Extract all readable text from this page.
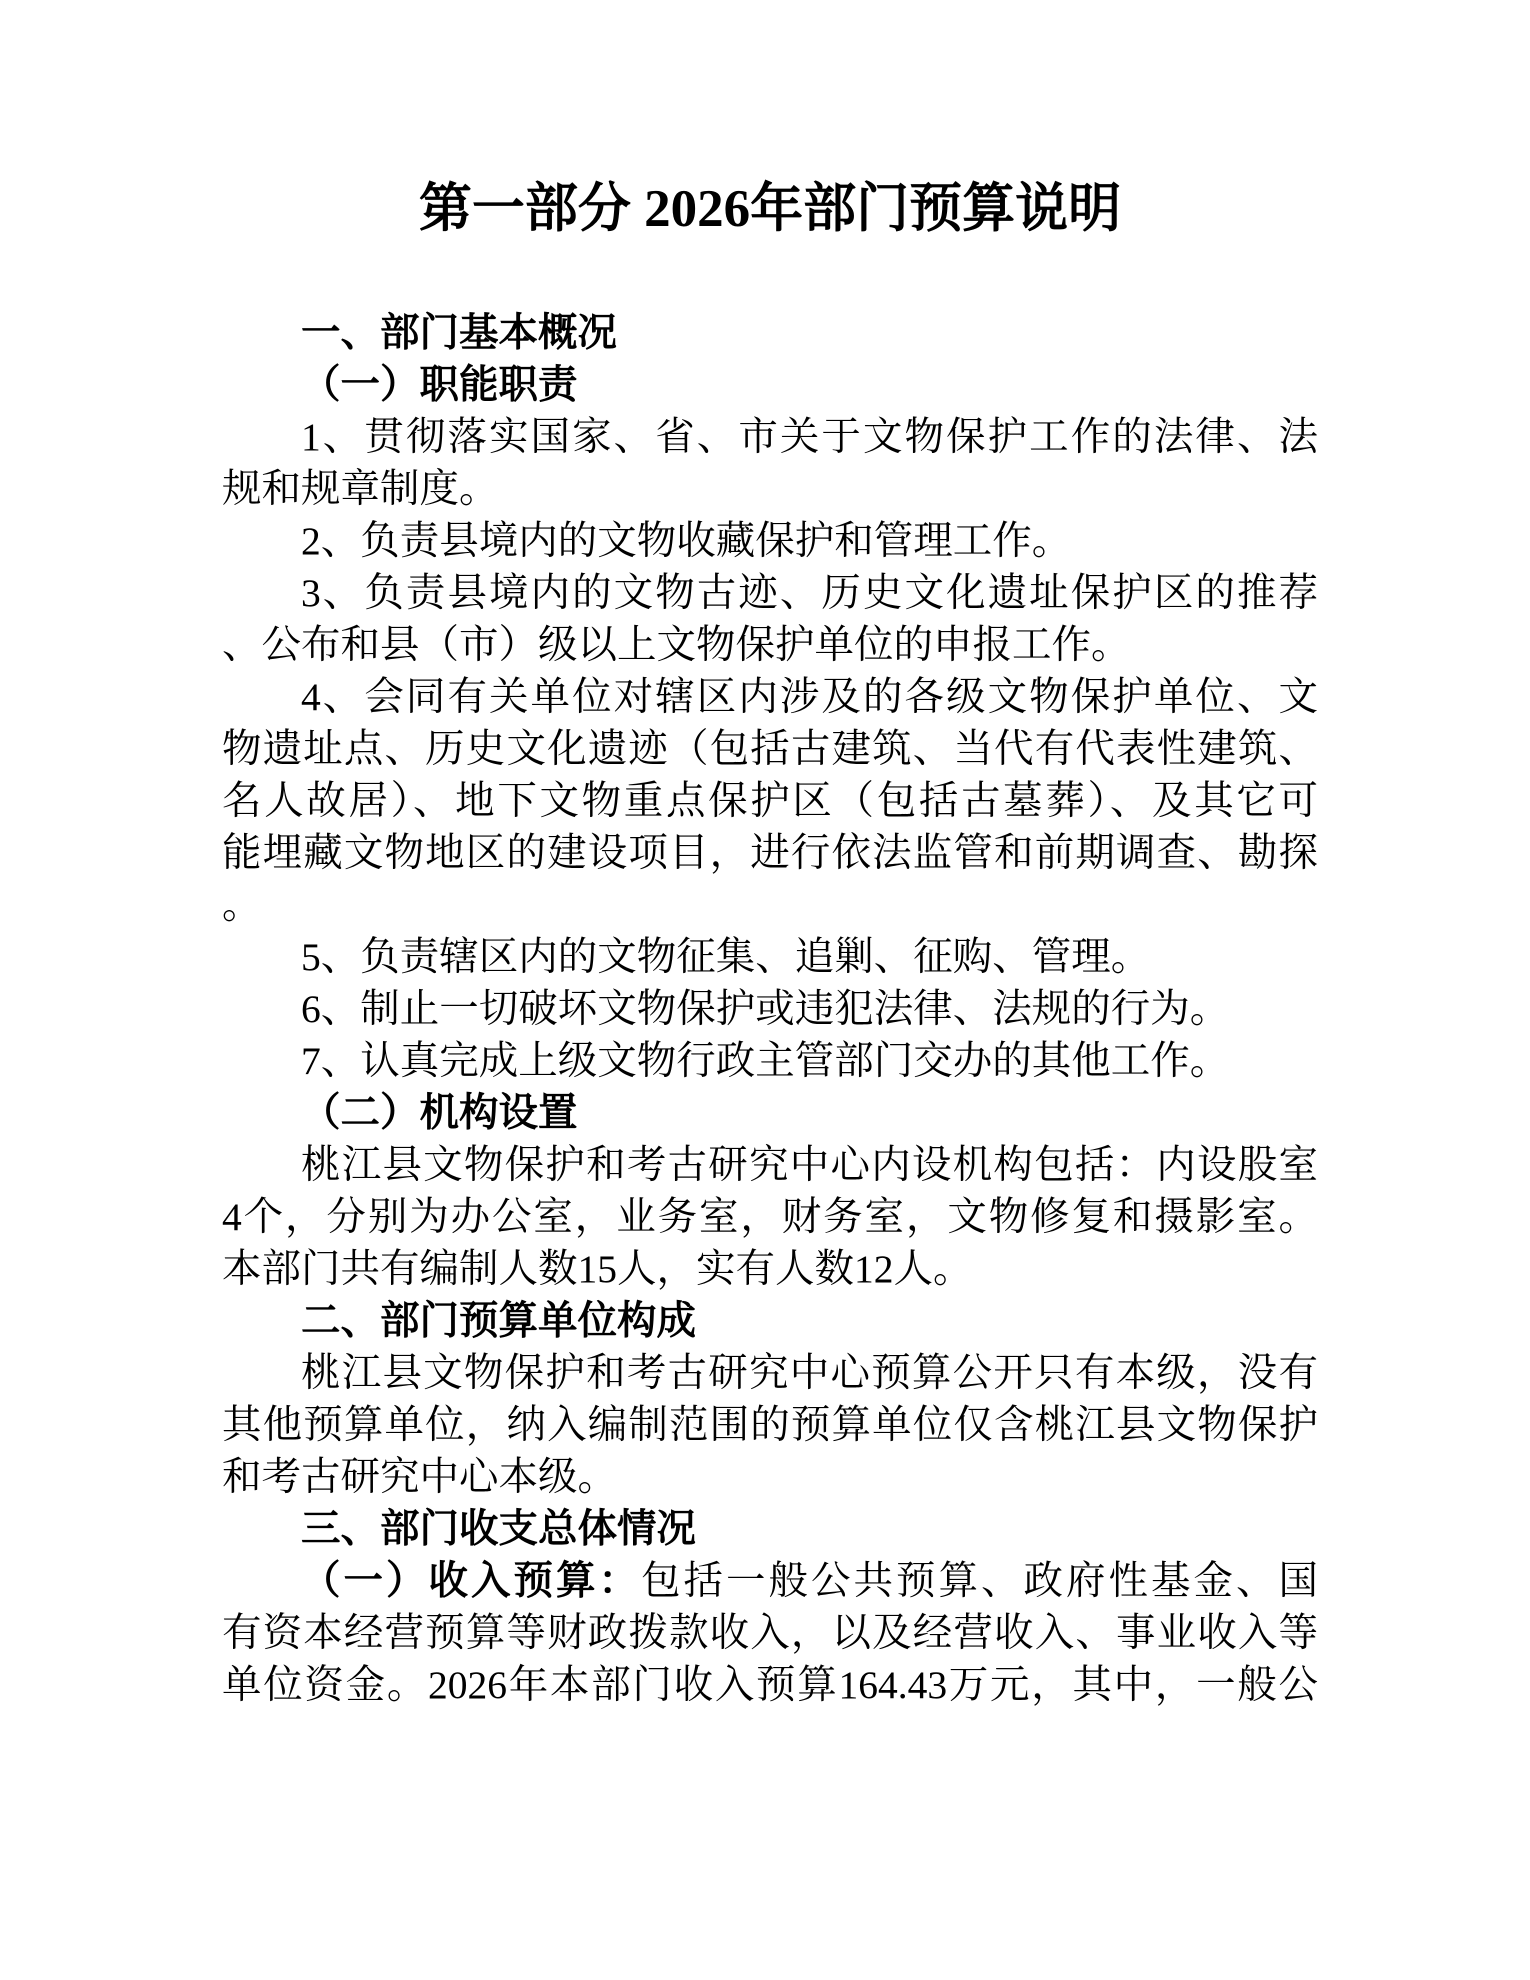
第一部分 2026年部门预算说明
一、部门基本概况
（一）职能职责
1、贯彻落实国家、省、市关于文物保护工作的法律、法
规和规章制度。
2、负责县境内的文物收藏保护和管理工作。
3、负责县境内的文物古迹、历史文化遗址保护区的推荐
、公布和县（市）级以上文物保护单位的申报工作。
4、会同有关单位对辖区内涉及的各级文物保护单位、文
物遗址点、历史文化遗迹（包括古建筑、当代有代表性建筑、
名人故居）、地下文物重点保护区（包括古墓葬）、及其它可
能埋藏文物地区的建设项目，进行依法监管和前期调查、勘探
。
5、负责辖区内的文物征集、追剿、征购、管理。
6、制止一切破坏文物保护或违犯法律、法规的行为。
7、认真完成上级文物行政主管部门交办的其他工作。
（二）机构设置
桃江县文物保护和考古研究中心内设机构包括：内设股室
4个，分别为办公室，业务室，财务室，文物修复和摄影室。
本部门共有编制人数15人，实有人数12人。
二、部门预算单位构成
桃江县文物保护和考古研究中心预算公开只有本级，没有
其他预算单位，纳入编制范围的预算单位仅含桃江县文物保护
和考古研究中心本级。
三、部门收支总体情况
（一）收入预算：包括一般公共预算、政府性基金、国
有资本经营预算等财政拨款收入，以及经营收入、事业收入等
单位资金。2026年本部门收入预算164.43万元，其中，一般公
